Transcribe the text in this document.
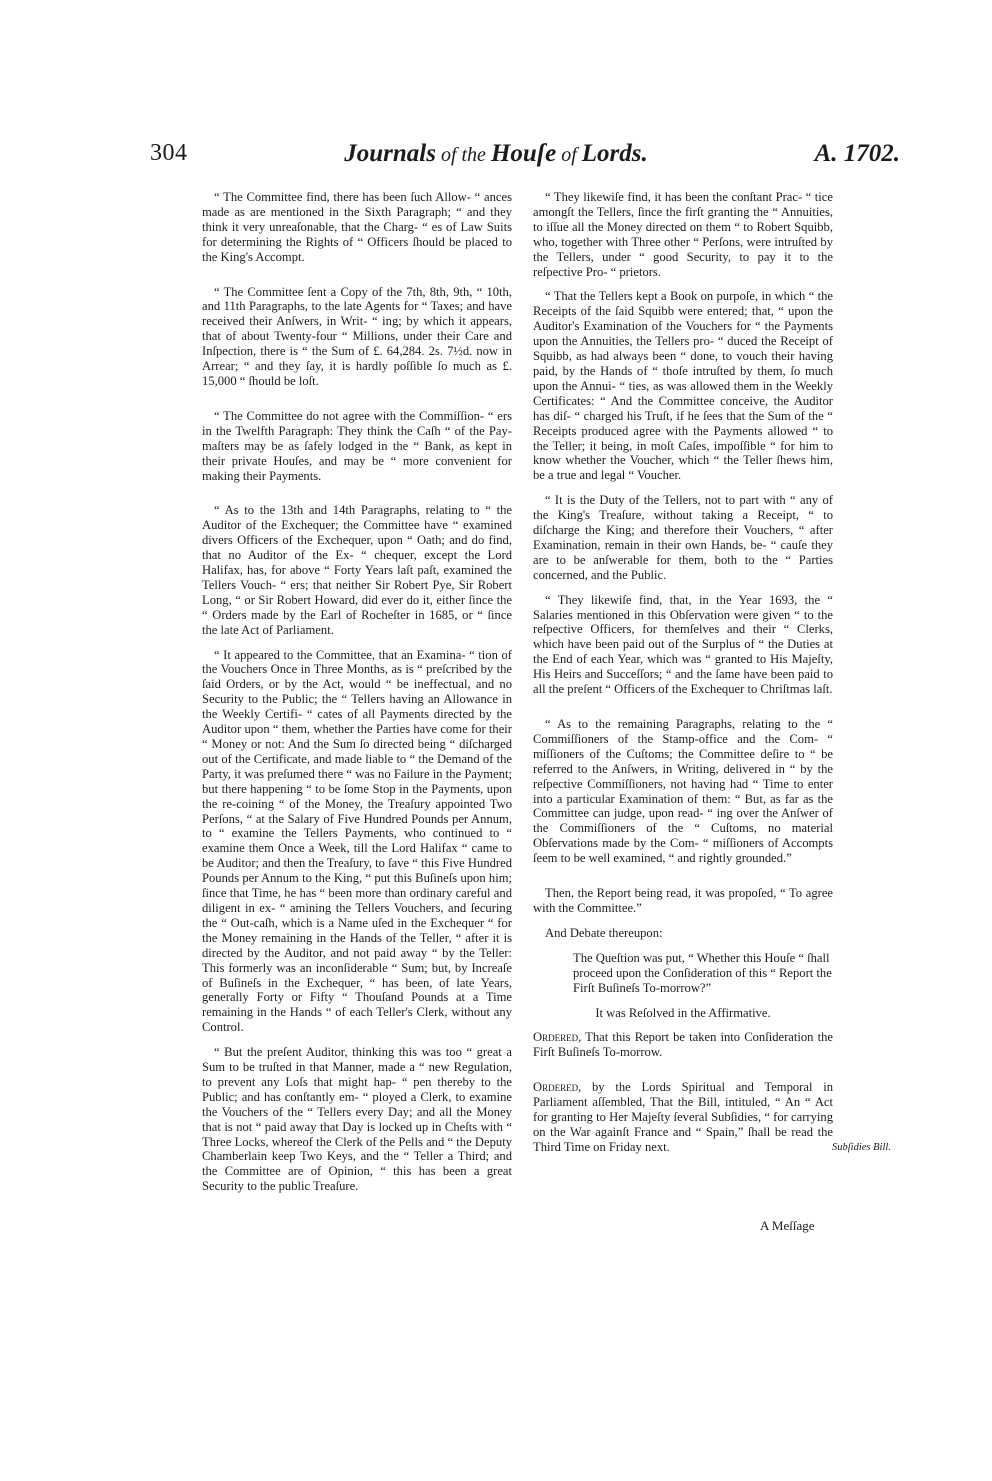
304	Journals of the Houſe of Lords.	A. 1702.

“ The Committee find, there has been ſuch Allow- “ ances made as are mentioned in the Sixth Paragraph; “ and they think it very unreaſonable, that the Charg- “ es of Law Suits for determining the Rights of “ Officers ſhould be placed to the King's Accompt.

“ The Committee ſent a Copy of the 7th, 8th, 9th, “ 10th, and 11th Paragraphs, to the late Agents for “ Taxes; and have received their Anſwers, in Writ- “ ing; by which it appears, that of about Twenty-four “ Millions, under their Care and Inſpection, there is “ the Sum of £. 64,284. 2s. 7½d. now in Arrear; “ and they ſay, it is hardly poſſible ſo much as £. 15,000 “ ſhould be loſt.

“ The Committee do not agree with the Commiſſion- “ ers in the Twelfth Paragraph: They think the Caſh “ of the Pay-maſters may be as ſafely lodged in the “ Bank, as kept in their private Houſes, and may be “ more convenient for making their Payments.

“ As to the 13th and 14th Paragraphs, relating to “ the Auditor of the Exchequer; the Committee have “ examined divers Officers of the Exchequer, upon “ Oath; and do find, that no Auditor of the Ex- “ chequer, except the Lord Halifax, has, for above “ Forty Years laſt paſt, examined the Tellers Vouch- “ ers; that neither Sir Robert Pye, Sir Robert Long, “ or Sir Robert Howard, did ever do it, either ſince the “ Orders made by the Earl of Rocheſter in 1685, or “ ſince the late Act of Parliament.

“ It appeared to the Committee, that an Examina- “ tion of the Vouchers Once in Three Months, as is “ preſcribed by the ſaid Orders, or by the Act, would “ be ineffectual, and no Security to the Public; the “ Tellers having an Allowance in the Weekly Certifi- “ cates of all Payments directed by the Auditor upon “ them, whether the Parties have come for their “ Money or not: And the Sum ſo directed being “ diſcharged out of the Certificate, and made liable to “ the Demand of the Party, it was preſumed there “ was no Failure in the Payment; but there happening “ to be ſome Stop in the Payments, upon the re-coining “ of the Money, the Treaſury appointed Two Perſons, “ at the Salary of Five Hundred Pounds per Annum, to “ examine the Tellers Payments, who continued to “ examine them Once a Week, till the Lord Halifax “ came to be Auditor; and then the Treaſury, to ſave “ this Five Hundred Pounds per Annum to the King, “ put this Buſineſs upon him; ſince that Time, he has “ been more than ordinary careful and diligent in ex- “ amining the Tellers Vouchers, and ſecuring the “ Out-caſh, which is a Name uſed in the Exchequer “ for the Money remaining in the Hands of the Teller, “ after it is directed by the Auditor, and not paid away “ by the Teller: This formerly was an inconſiderable “ Sum; but, by Increaſe of Buſineſs in the Exchequer, “ has been, of late Years, generally Forty or Fifty “ Thouſand Pounds at a Time remaining in the Hands “ of each Teller's Clerk, without any Control.

“ But the preſent Auditor, thinking this was too “ great a Sum to be truſted in that Manner, made a “ new Regulation, to prevent any Loſs that might hap- “ pen thereby to the Public; and has conſtantly em- “ ployed a Clerk, to examine the Vouchers of the “ Tellers every Day; and all the Money that is not “ paid away that Day is locked up in Cheſts with “ Three Locks, whereof the Clerk of the Pells and “ the Deputy Chamberlain keep Two Keys, and the “ Teller a Third; and the Committee are of Opinion, “ this has been a great Security to the public Treaſure.

“ They likewiſe find, it has been the conſtant Prac- “ tice amongſt the Tellers, ſince the firſt granting the “ Annuities, to iſſue all the Money directed on them “ to Robert Squibb, who, together with Three other “ Perſons, were intruſted by the Tellers, under “ good Security, to pay it to the reſpective Pro- “ prietors.

“ That the Tellers kept a Book on purpoſe, in which “ the Receipts of the ſaid Squibb were entered; that, “ upon the Auditor's Examination of the Vouchers for “ the Payments upon the Annuities, the Tellers pro- “ duced the Receipt of Squibb, as had always been “ done, to vouch their having paid, by the Hands of “ thoſe intruſted by them, ſo much upon the Annui- “ ties, as was allowed them in the Weekly Certificates: “ And the Committee conceive, the Auditor has diſ- “ charged his Truſt, if he ſees that the Sum of the “ Receipts produced agree with the Payments allowed “ to the Teller; it being, in moſt Caſes, impoſſible “ for him to know whether the Voucher, which “ the Teller ſhews him, be a true and legal “ Voucher.

“ It is the Duty of the Tellers, not to part with “ any of the King's Treaſure, without taking a Receipt, “ to diſcharge the King; and therefore their Vouchers, “ after Examination, remain in their own Hands, be- “ cauſe they are to be anſwerable for them, both to the “ Parties concerned, and the Public.

“ They likewiſe find, that, in the Year 1693, the “ Salaries mentioned in this Obſervation were given “ to the reſpective Officers, for themſelves and their “ Clerks, which have been paid out of the Surplus of “ the Duties at the End of each Year, which was “ granted to His Majeſty, His Heirs and Succeſſors; “ and the ſame have been paid to all the preſent “ Officers of the Exchequer to Chriſtmas laſt.

“ As to the remaining Paragraphs, relating to the “ Commiſſioners of the Stamp-office and the Com- “ miſſioners of the Cuſtoms; the Committee deſire to “ be referred to the Anſwers, in Writing, delivered in “ by the reſpective Commiſſioners, not having had “ Time to enter into a particular Examination of them: “ But, as far as the Committee can judge, upon read- “ ing over the Anſwer of the Commiſſioners of the “ Cuſtoms, no material Obſervations made by the Com- “ miſſioners of Accompts ſeem to be well examined, “ and rightly grounded.”

Then, the Report being read, it was propoſed, “ To agree with the Committee.”

And Debate thereupon:

The Queſtion was put, “ Whether this Houſe “ ſhall proceed upon the Conſideration of this “ Report the Firſt Buſineſs To-morrow?”

It was Reſolved in the Affirmative.

Ordered, That this Report be taken into Conſideration the Firſt Buſineſs To-morrow.

Ordered, by the Lords Spiritual and Temporal in Parliament aſſembled, That the Bill, intituled, “ An “ Act for granting to Her Majeſty ſeveral Subſidies, “ for carrying on the War againſt France and “ Spain,” ſhall be read the Third Time on Friday next.	Subſidies Bill.
A Meſſage
